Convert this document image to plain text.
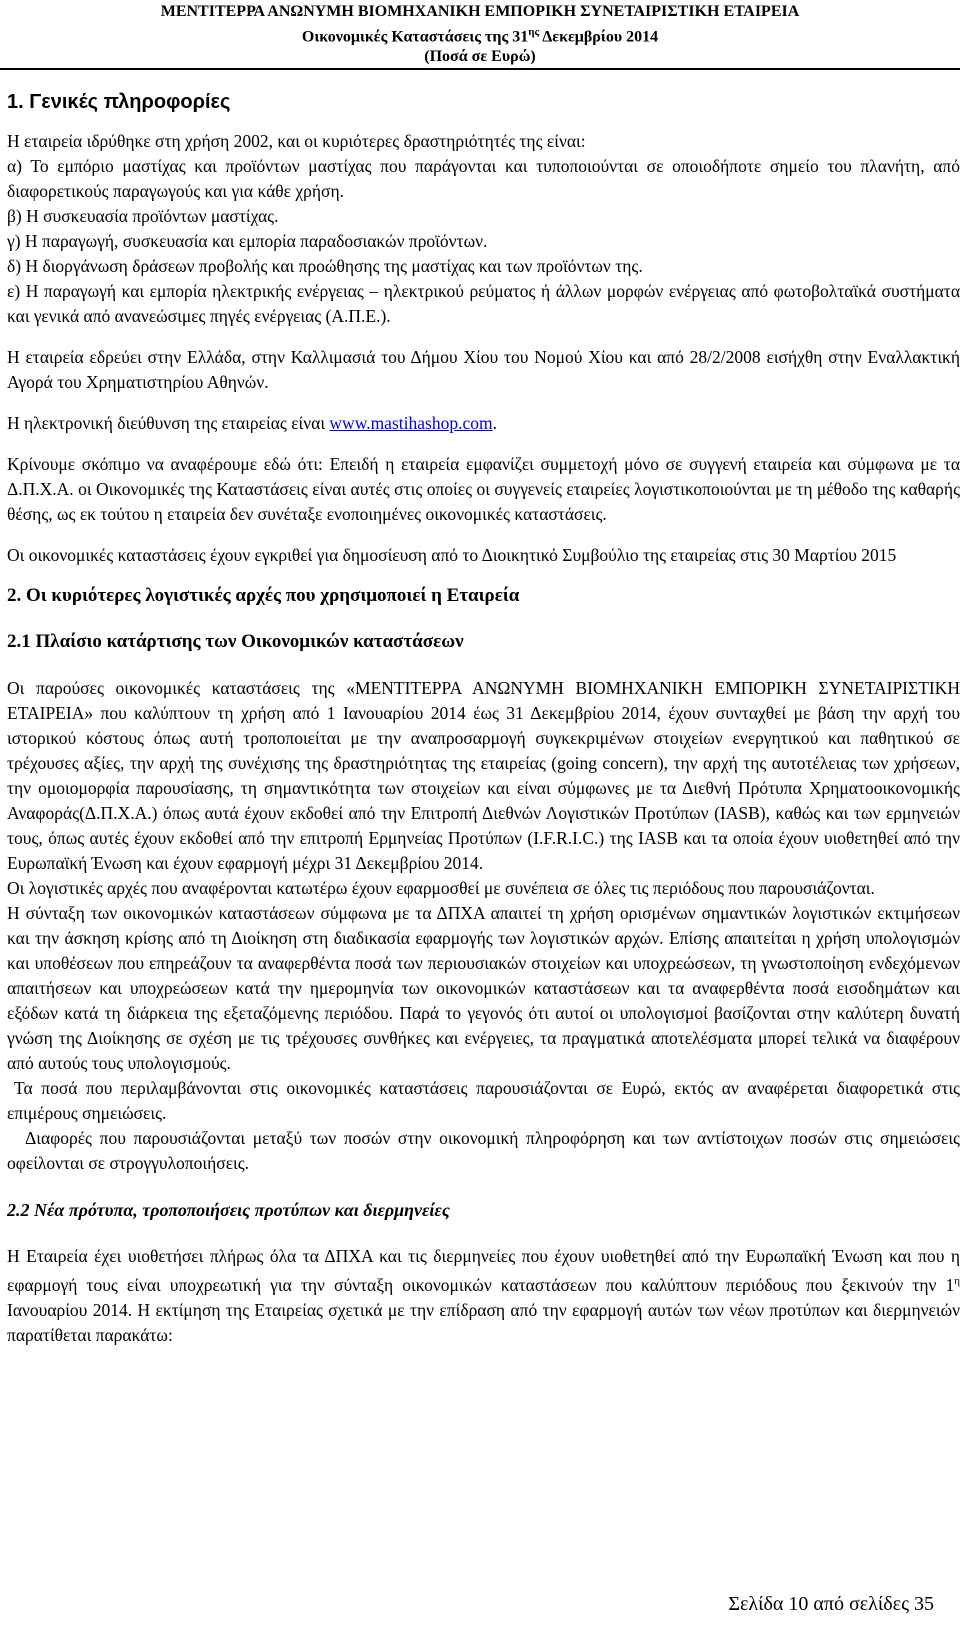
ΜΕΝΤΙΤΕΡΡΑ ΑΝΩΝΥΜΗ ΒΙΟΜΗΧΑΝΙΚΗ ΕΜΠΟΡΙΚΗ ΣΥΝΕΤΑΙΡΙΣΤΙΚΗ ΕΤΑΙΡΕΙΑ
Οικονομικές Καταστάσεις της $31^{\eta\varsigma}$ Δεκεμβρίου 2014
(Ποσά σε Ευρώ)

1. Γενικές πληροφορίες

Η εταιρεία ιδρύθηκε στη χρήση 2002, και οι κυριότερες δραστηριότητές της είναι:

α) Το εμπόριο μαστίχας και προϊόντων μαστίχας που παράγονται και τυποποιούνται σε οποιοδήποτε σημείο του πλανήτη, από διαφορετικούς παραγωγούς και για κάθε χρήση.

β) Η συσκευασία προϊόντων μαστίχας.

γ) Η παραγωγή, συσκευασία και εμπορία παραδοσιακών προϊόντων.

δ) Η διοργάνωση δράσεων προβολής και προώθησης της μαστίχας και των προϊόντων της.

ε) Η παραγωγή και εμπορία ηλεκτρικής ενέργειας – ηλεκτρικού ρεύματος ή άλλων μορφών ενέργειας από φωτοβολταϊκά συστήματα και γενικά από ανανεώσιμες πηγές ενέργειας (Α.Π.Ε.).

Η εταιρεία εδρεύει στην Ελλάδα, στην Καλλιμασιά του Δήμου Χίου του Νομού Χίου και από 28/2/2008 εισήχθη στην Εναλλακτική Αγορά του Χρηματιστηρίου Αθηνών.

Η ηλεκτρονική διεύθυνση της εταιρείας είναι www.mastihashop.com.

Κρίνουμε σκόπιμο να αναφέρουμε εδώ ότι: Επειδή η εταιρεία εμφανίζει συμμετοχή μόνο σε συγγενή εταιρεία και σύμφωνα με τα Δ.Π.Χ.Α. οι Οικονομικές της Καταστάσεις είναι αυτές στις οποίες οι συγγενείς εταιρείες λογιστικοποιούνται με τη μέθοδο της καθαρής θέσης, ως εκ τούτου η εταιρεία δεν συνέταξε ενοποιημένες οικονομικές καταστάσεις.

Οι οικονομικές καταστάσεις έχουν εγκριθεί για δημοσίευση από το Διοικητικό Συμβούλιο της εταιρείας στις 30 Μαρτίου 2015

2. Οι κυριότερες λογιστικές αρχές που χρησιμοποιεί η Εταιρεία

2.1 Πλαίσιο κατάρτισης των Οικονομικών καταστάσεων

Οι παρούσες οικονομικές καταστάσεις της «ΜΕΝΤΙΤΕΡΡΑ ΑΝΩΝΥΜΗ ΒΙΟΜΗΧΑΝΙΚΗ ΕΜΠΟΡΙΚΗ ΣΥΝΕΤΑΙΡΙΣΤΙΚΗ ΕΤΑΙΡΕΙΑ» που καλύπτουν τη χρήση από 1 Ιανουαρίου 2014 έως 31 Δεκεμβρίου 2014, έχουν συνταχθεί με βάση την αρχή του ιστορικού κόστους όπως αυτή τροποποιείται με την αναπροσαρμογή συγκεκριμένων στοιχείων ενεργητικού και παθητικού σε τρέχουσες αξίες, την αρχή της συνέχισης της δραστηριότητας της εταιρείας (going concern), την αρχή της αυτοτέλειας των χρήσεων, την ομοιομορφία παρουσίασης, τη σημαντικότητα των στοιχείων και είναι σύμφωνες με τα Διεθνή Πρότυπα Χρηματοοικονομικής Αναφοράς(Δ.Π.Χ.Α.) όπως αυτά έχουν εκδοθεί από την Επιτροπή Διεθνών Λογιστικών Προτύπων (IASB), καθώς και των ερμηνειών τους, όπως αυτές έχουν εκδοθεί από την επιτροπή Ερμηνείας Προτύπων (I.F.R.I.C.) της IASB και τα οποία έχουν υιοθετηθεί από την Ευρωπαϊκή Ένωση και έχουν εφαρμογή μέχρι 31 Δεκεμβρίου 2014.

Οι λογιστικές αρχές που αναφέρονται κατωτέρω έχουν εφαρμοσθεί με συνέπεια σε όλες τις περιόδους που παρουσιάζονται.

Η σύνταξη των οικονομικών καταστάσεων σύμφωνα με τα ΔΠΧΑ απαιτεί τη χρήση ορισμένων σημαντικών λογιστικών εκτιμήσεων και την άσκηση κρίσης από τη Διοίκηση στη διαδικασία εφαρμογής των λογιστικών αρχών. Επίσης απαιτείται η χρήση υπολογισμών και υποθέσεων που επηρεάζουν τα αναφερθέντα ποσά των περιουσιακών στοιχείων και υποχρεώσεων, τη γνωστοποίηση ενδεχόμενων απαιτήσεων και υποχρεώσεων κατά την ημερομηνία των οικονομικών καταστάσεων και τα αναφερθέντα ποσά εισοδημάτων και εξόδων κατά τη διάρκεια της εξεταζόμενης περιόδου. Παρά το γεγονός ότι αυτοί οι υπολογισμοί βασίζονται στην καλύτερη δυνατή γνώση της Διοίκησης σε σχέση με τις τρέχουσες συνθήκες και ενέργειες, τα πραγματικά αποτελέσματα μπορεί τελικά να διαφέρουν από αυτούς τους υπολογισμούς.

Τα ποσά που περιλαμβάνονται στις οικονομικές καταστάσεις παρουσιάζονται σε Ευρώ, εκτός αν αναφέρεται διαφορετικά στις επιμέρους σημειώσεις.

Διαφορές που παρουσιάζονται μεταξύ των ποσών στην οικονομική πληροφόρηση και των αντίστοιχων ποσών στις σημειώσεις οφείλονται σε στρογγυλοποιήσεις.

2.2 Νέα πρότυπα, τροποποιήσεις προτύπων και διερμηνείες

Η Εταιρεία έχει υιοθετήσει πλήρως όλα τα ΔΠΧΑ και τις διερμηνείες που έχουν υιοθετηθεί από την Ευρωπαϊκή Ένωση και που η εφαρμογή τους είναι υποχρεωτική για την σύνταξη οικονομικών καταστάσεων που καλύπτουν περιόδους που ξεκινούν την $1^\eta$ Ιανουαρίου 2014. Η εκτίμηση της Εταιρείας σχετικά με την επίδραση από την εφαρμογή αυτών των νέων προτύπων και διερμηνειών παρατίθεται παρακάτω:

Σελίδα 10 από σελίδες 35
